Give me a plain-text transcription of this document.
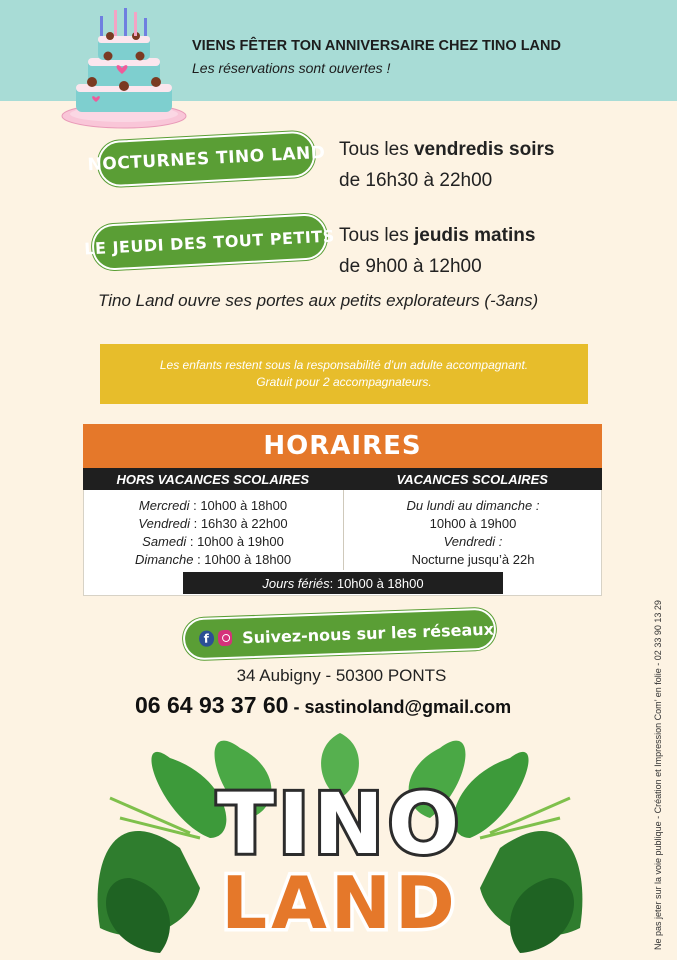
VIENS FÊTER TON ANNIVERSAIRE CHEZ TINO LAND
Les réservations sont ouvertes !
NOCTURNES TINO LAND Tous les vendredis soirs
de 16h30 à 22h00
LE JEUDI DES TOUT PETITS Tous les jeudis matins
de 9h00 à 12h00
Tino Land ouvre ses portes aux petits explorateurs (-3ans)
Les enfants restent sous la responsabilité d’un adulte accompagnant.
Gratuit pour 2 accompagnateurs.
HORAIRES
HORS VACANCES SCOLAIRES	VACANCES SCOLAIRES
Mercredi : 10h00 à 18h00
Vendredi : 16h30 à 22h00
Samedi : 10h00 à 19h00
Dimanche : 10h00 à 18h00
Du lundi au dimanche :
10h00 à 19h00
Vendredi :
Nocturne jusqu’à 22h
Jours fériés : 10h00 à 18h00
f Suivez-nous sur les réseaux
34 Aubigny - 50300 PONTS
06 64 93 37 60 - sastinoland@gmail.com
TINO
LAND	Ne pas jeter sur la voie publique - Création et Impression Com’ en folie - 02 33 90 13 29
